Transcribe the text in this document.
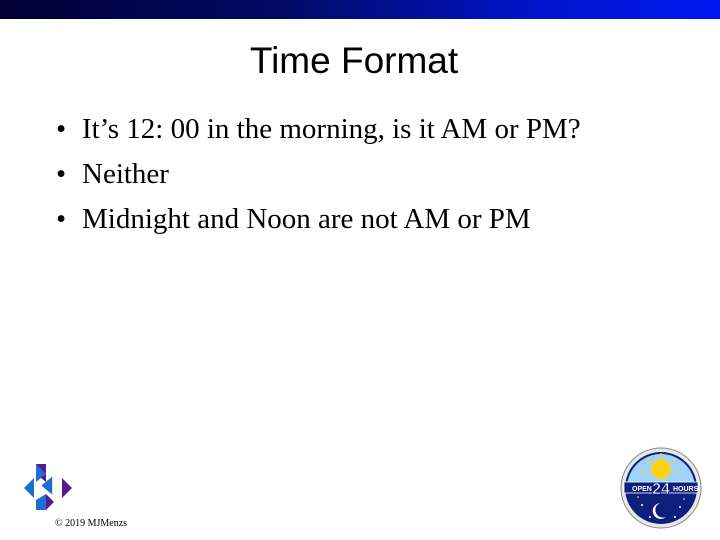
Time Format
• It’s 12: 00 in the morning, is it AM or PM?
• Neither
• Midnight and Noon are not AM or PM
© 2019 MJMenzs
OPEN	HOURS
24
